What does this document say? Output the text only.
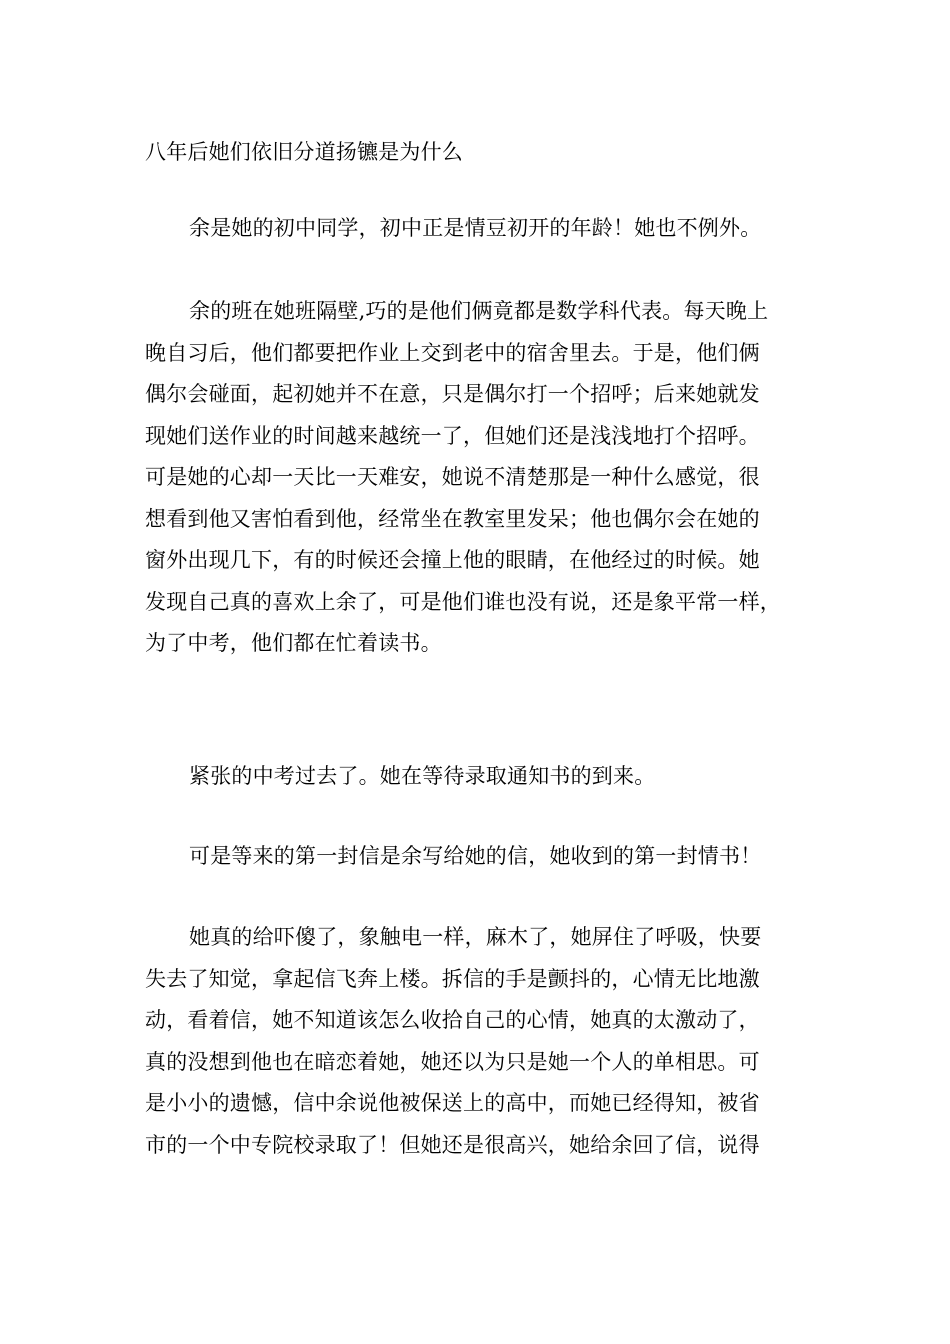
八年后她们依旧分道扬镳是为什么
余是她的初中同学，初中正是情豆初开的年龄！她也不例外。
余的班在她班隔壁,巧的是他们俩竟都是数学科代表。每天晚上
晚自习后，他们都要把作业上交到老中的宿舍里去。于是，他们俩
偶尔会碰面，起初她并不在意，只是偶尔打一个招呼；后来她就发
现她们送作业的时间越来越统一了，但她们还是浅浅地打个招呼。
可是她的心却一天比一天难安，她说不清楚那是一种什么感觉，很
想看到他又害怕看到他，经常坐在教室里发呆；他也偶尔会在她的
窗外出现几下，有的时候还会撞上他的眼睛，在他经过的时候。她
发现自己真的喜欢上余了，可是他们谁也没有说，还是象平常一样，
为了中考，他们都在忙着读书。
紧张的中考过去了。她在等待录取通知书的到来。
可是等来的第一封信是余写给她的信，她收到的第一封情书！
她真的给吓傻了，象触电一样，麻木了，她屏住了呼吸，快要
失去了知觉，拿起信飞奔上楼。拆信的手是颤抖的，心情无比地激
动，看着信，她不知道该怎么收拾自己的心情，她真的太激动了，
真的没想到他也在暗恋着她，她还以为只是她一个人的单相思。可
是小小的遗憾，信中余说他被保送上的高中，而她已经得知，被省
市的一个中专院校录取了！但她还是很高兴，她给余回了信，说得
